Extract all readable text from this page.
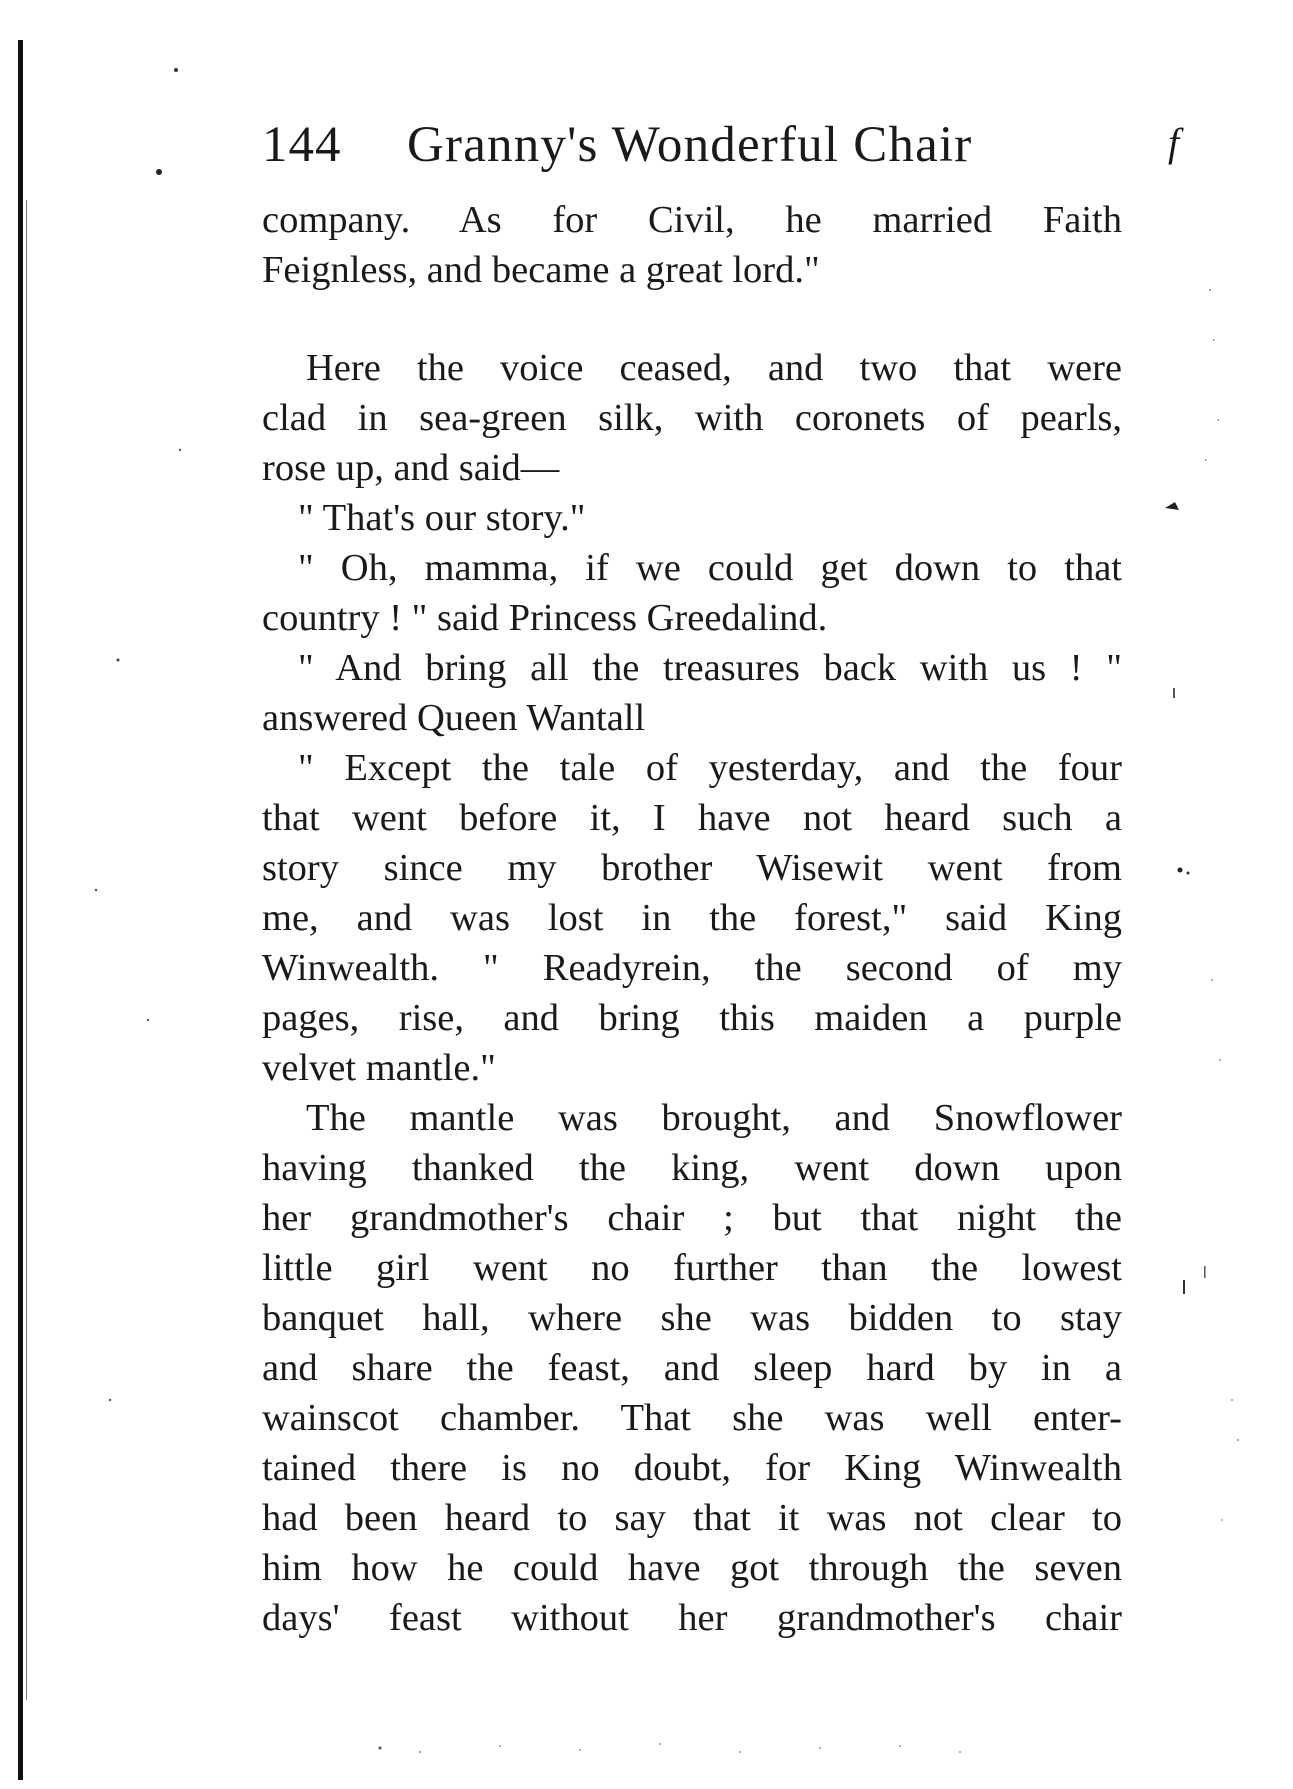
144 Granny's Wonderful Chair	f
company. As for Civil, he married Faith
Feignless, and became a great lord."
Here the voice ceased, and two that were
clad in sea-green silk, with coronets of pearls,
rose up, and said—
" That's our story."
" Oh, mamma, if we could get down to that
country ! " said Princess Greedalind.
" And bring all the treasures back with us ! "
answered Queen Wantall
" Except the tale of yesterday, and the four
that went before it, I have not heard such a
story since my brother Wisewit went from
me, and was lost in the forest," said King
Winwealth. " Readyrein, the second of my
pages, rise, and bring this maiden a purple
velvet mantle."
The mantle was brought, and Snowflower
having thanked the king, went down upon
her grandmother's chair ; but that night the
little girl went no further than the lowest
banquet hall, where she was bidden to stay
and share the feast, and sleep hard by in a
wainscot chamber. That she was well enter-
tained there is no doubt, for King Winwealth
had been heard to say that it was not clear to
him how he could have got through the seven
days' feast without her grandmother's chair
